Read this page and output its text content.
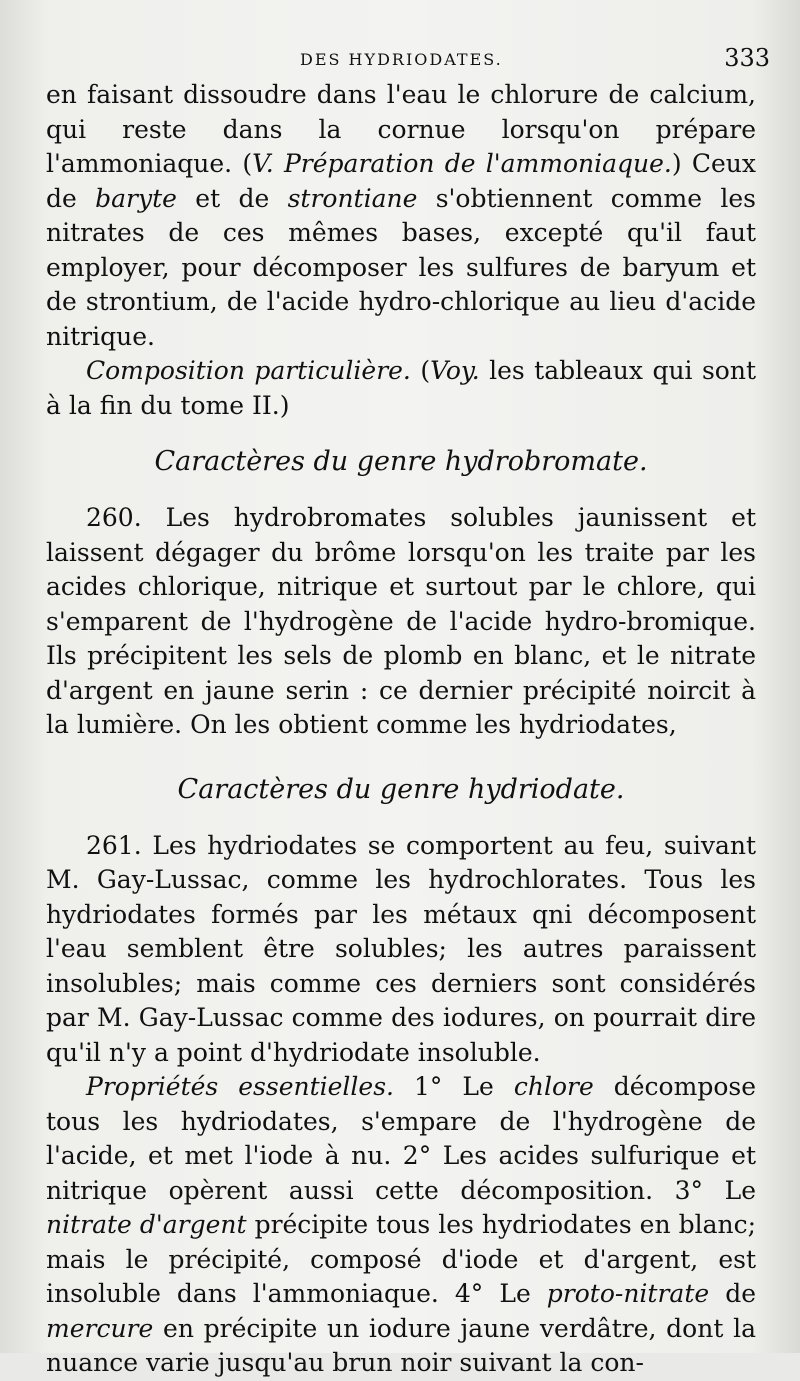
DES HYDRIODATES.	333

en faisant dissoudre dans l'eau le chlorure de calcium, qui reste dans la cornue lorsqu'on prépare l'ammoniaque. (V. Préparation de l'ammoniaque.) Ceux de baryte et de strontiane s'obtiennent comme les nitrates de ces mêmes bases, excepté qu'il faut employer, pour décomposer les sulfures de baryum et de strontium, de l'acide hydro-chlorique au lieu d'acide nitrique.

Composition particulière. (Voy. les tableaux qui sont à la fin du tome II.)

Caractères du genre hydrobromate.

260. Les hydrobromates solubles jaunissent et laissent dégager du brôme lorsqu'on les traite par les acides chlorique, nitrique et surtout par le chlore, qui s'emparent de l'hydrogène de l'acide hydro-bromique. Ils précipitent les sels de plomb en blanc, et le nitrate d'argent en jaune serin : ce dernier précipité noircit à la lumière. On les obtient comme les hydriodates,

Caractères du genre hydriodate.

261. Les hydriodates se comportent au feu, suivant M. Gay-Lussac, comme les hydrochlorates. Tous les hydriodates formés par les métaux qni décomposent l'eau semblent être solubles; les autres paraissent insolubles; mais comme ces derniers sont considérés par M. Gay-Lussac comme des iodures, on pourrait dire qu'il n'y a point d'hydriodate insoluble.

Propriétés essentielles. 1° Le chlore décompose tous les hydriodates, s'empare de l'hydrogène de l'acide, et met l'iode à nu. 2° Les acides sulfurique et nitrique opèrent aussi cette décomposition. 3° Le nitrate d'argent précipite tous les hydriodates en blanc; mais le précipité, composé d'iode et d'argent, est insoluble dans l'ammoniaque. 4° Le proto-nitrate de mercure en précipite un iodure jaune verdâtre, dont la nuance varie jusqu'au brun noir suivant la con-
